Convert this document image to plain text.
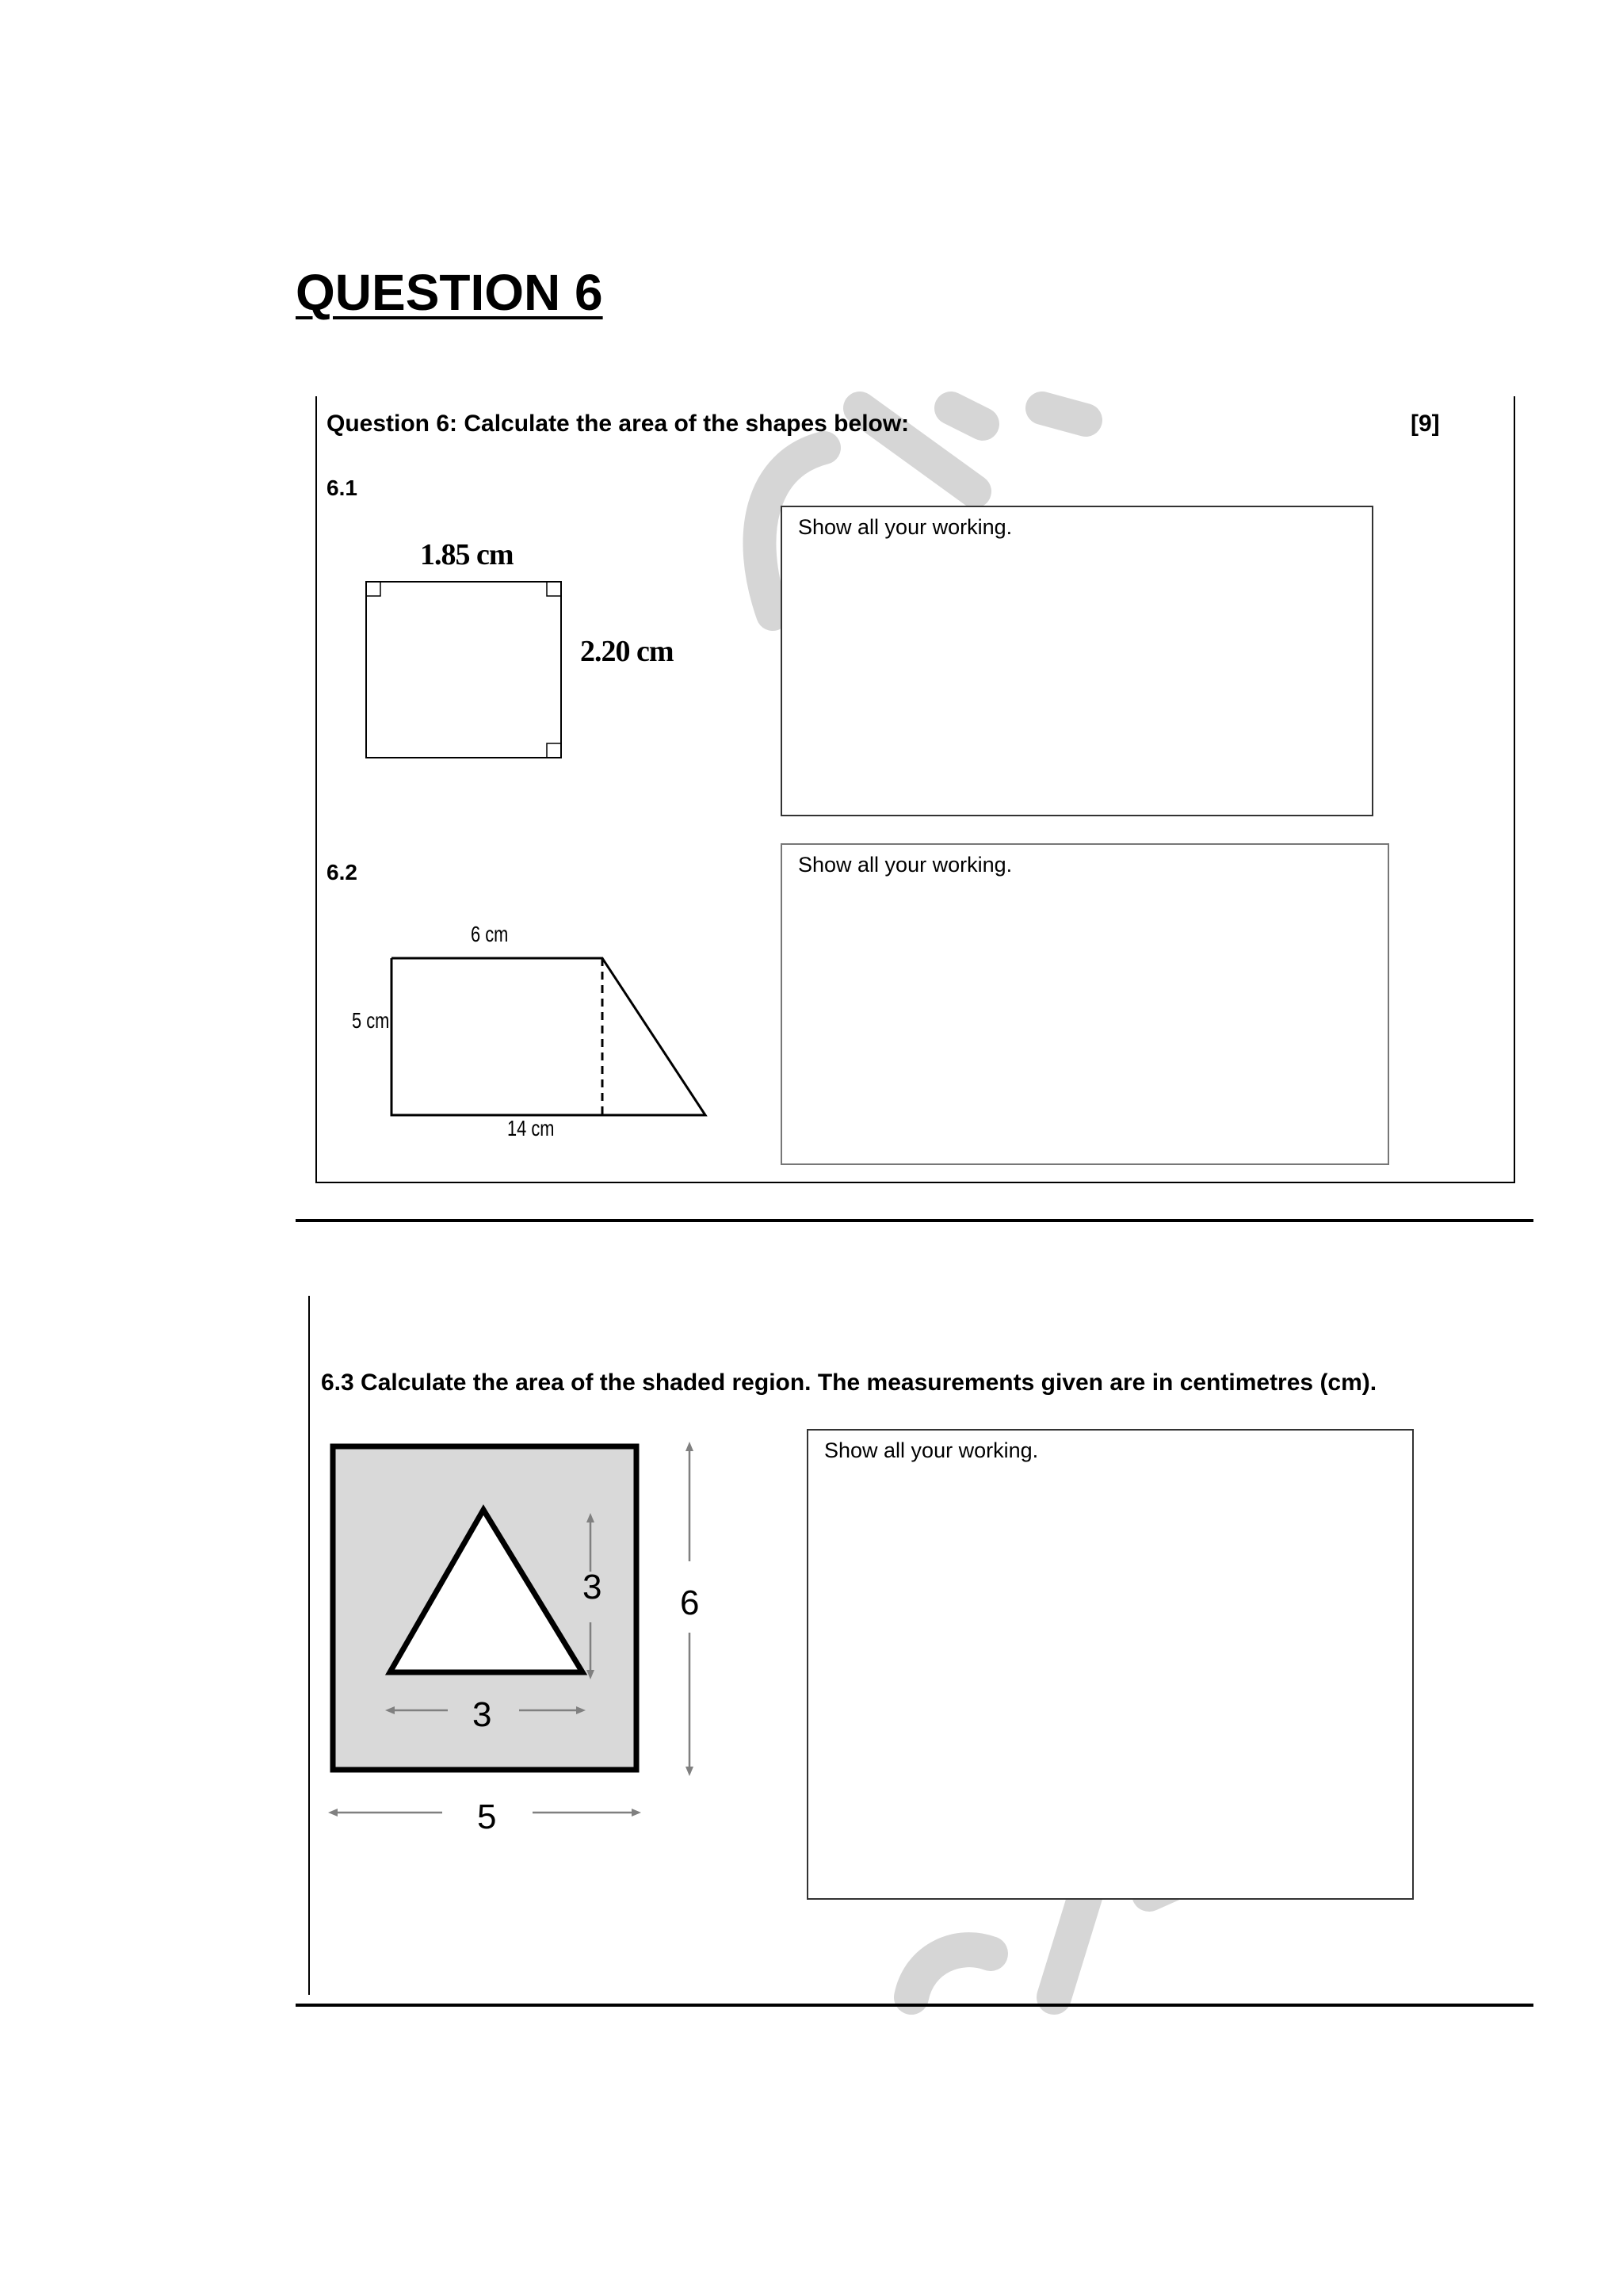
QUESTION 6
Question 6: Calculate the area of the shapes below:	[9]
6.1
1.85 cm
2.20 cm
Show all your working.
6.2
6 cm
5 cm
14 cm
Show all your working.
6.3 Calculate the area of the shaded region. The measurements given are in centimetres (cm).
3
3
6
5
Show all your working.
